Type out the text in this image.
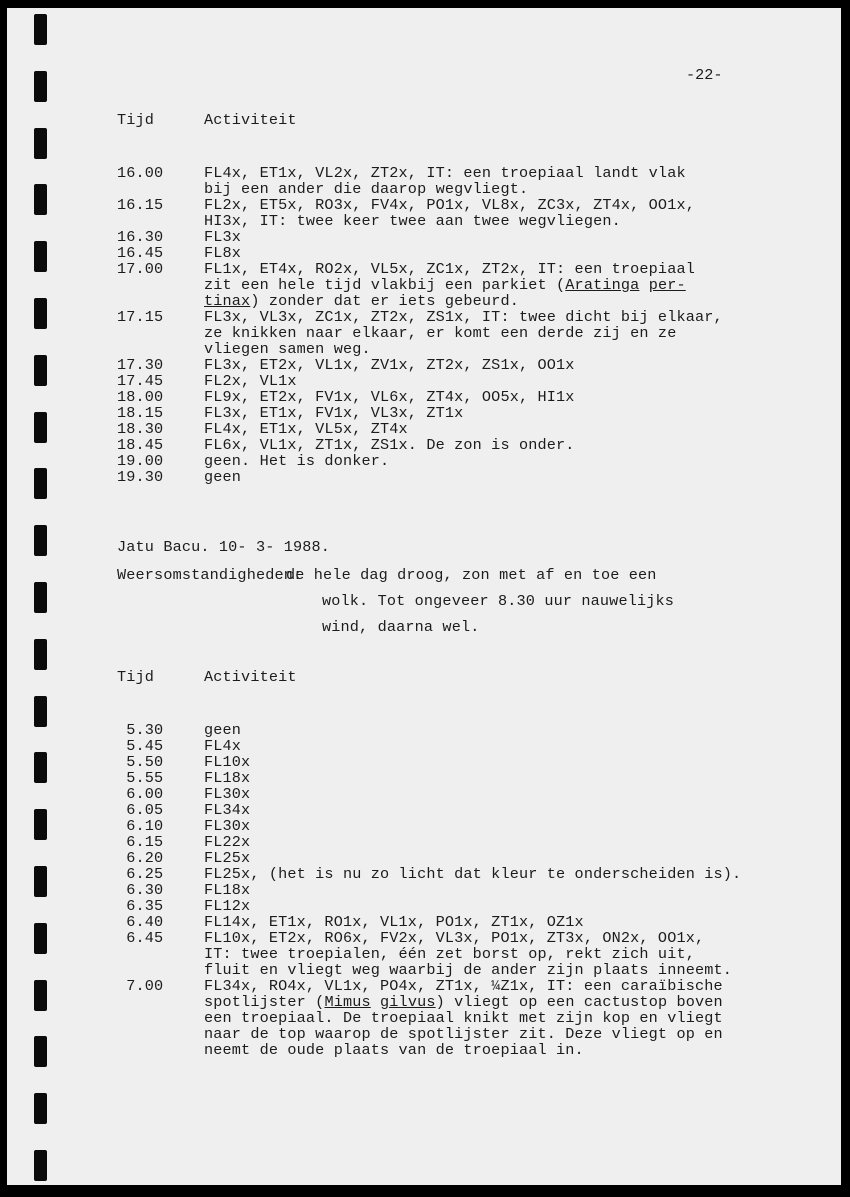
-22-
Tijd	Activiteit
16.00	FL4x, ET1x, VL2x, ZT2x, IT: een troepiaal landt vlak
bij een ander die daarop wegvliegt.
16.15	FL2x, ET5x, RO3x, FV4x, PO1x, VL8x, ZC3x, ZT4x, OO1x,
HI3x, IT: twee keer twee aan twee wegvliegen.
16.30	FL3x
16.45	FL8x
17.00	FL1x, ET4x, RO2x, VL5x, ZC1x, ZT2x, IT: een troepiaal
zit een hele tijd vlakbij een parkiet (Aratinga per-
tinax) zonder dat er iets gebeurd.
17.15	FL3x, VL3x, ZC1x, ZT2x, ZS1x, IT: twee dicht bij elkaar,
ze knikken naar elkaar, er komt een derde zij en ze
vliegen samen weg.
17.30	FL3x, ET2x, VL1x, ZV1x, ZT2x, ZS1x, OO1x
17.45	FL2x, VL1x
18.00	FL9x, ET2x, FV1x, VL6x, ZT4x, OO5x, HI1x
18.15	FL3x, ET1x, FV1x, VL3x, ZT1x
18.30	FL4x, ET1x, VL5x, ZT4x
18.45	FL6x, VL1x, ZT1x, ZS1x. De zon is onder.
19.00	geen. Het is donker.
19.30	geen
Jatu Bacu. 10- 3- 1988.
Weersomstandigheden:
de hele dag droog, zon met af en toe een
wolk. Tot ongeveer 8.30 uur nauwelijks
wind, daarna wel.
Tijd	Activiteit
5.30	geen
5.45	FL4x
5.50	FL10x
5.55	FL18x
6.00	FL30x
6.05	FL34x
6.10	FL30x
6.15	FL22x
6.20	FL25x
6.25	FL25x, (het is nu zo licht dat kleur te onderscheiden is).
6.30	FL18x
6.35	FL12x
6.40	FL14x, ET1x, RO1x, VL1x, PO1x, ZT1x, OZ1x
6.45	FL10x, ET2x, RO6x, FV2x, VL3x, PO1x, ZT3x, ON2x, OO1x,
IT: twee troepialen, één zet borst op, rekt zich uit,
fluit en vliegt weg waarbij de ander zijn plaats inneemt.
7.00	FL34x, RO4x, VL1x, PO4x, ZT1x, ¼Z1x, IT: een caraïbische
spotlijster (Mimus gilvus) vliegt op een cactustop boven
een troepiaal. De troepiaal knikt met zijn kop en vliegt
naar de top waarop de spotlijster zit. Deze vliegt op en
neemt de oude plaats van de troepiaal in.
